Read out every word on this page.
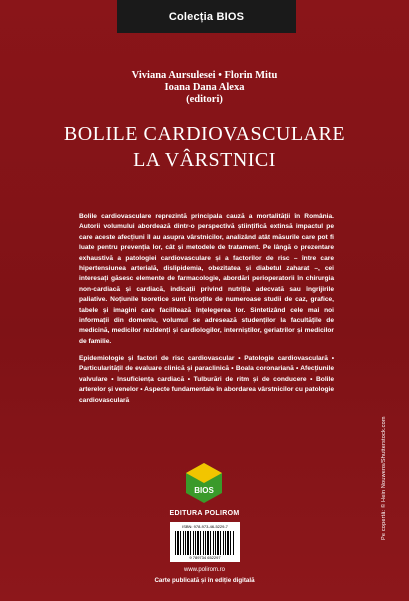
Colecția BIOS
Viviana Aursulesei • Florin Mitu
Ioana Dana Alexa
(editori)
BOLILE CARDIOVASCULARE
LA VÂRSTNICI
Bolile cardiovasculare reprezintă principala cauză a mortalității în România. Autorii volumului abordează dintr-o perspectivă științifică extinsă impactul pe care aceste afecțiuni îl au asupra vârstnicilor, analizând atât măsurile care pot fi luate pentru prevenția lor, cât și metodele de tratament. Pe lângă o prezentare exhaustivă a patologiei cardiovasculare și a factorilor de risc – între care hipertensiunea arterială, dislipidemia, obezitatea și diabetul zaharat –, cei interesați găsesc elemente de farmacologie, abordări perioperatorii în chirurgia non-cardiacă și cardiacă, indicații privind nutriția adecvată sau îngrijirile paliative. Noțiunile teoretice sunt însoțite de numeroase studii de caz, grafice, tabele și imagini care facilitează înțelegerea lor. Sintetizând cele mai noi informații din domeniu, volumul se adresează studenților la facultățile de medicină, medicilor rezidenți și cardiologilor, interniștilor, geriatrilor și medicilor de familie.
Epidemiologie și factori de risc cardiovascular • Patologie cardiovasculară • Particularitățil de evaluare clinică și paraclinică • Boala coronariană • Afecțiunile valvulare • Insuficiența cardiacă • Tulburări de ritm și de conducere • Bolile arterelor și venelor • Aspecte fundamentale în abordarea vârstnicilor cu patologie cardiovasculară
BIOS
EDITURA POLIROM
ISBN: 978-973-46-5229-7
9 789734 652297
www.polirom.ro
Carte publicată și în ediție digitală
Pe copertă: © Hein Nouwens/Shutterstock.com
